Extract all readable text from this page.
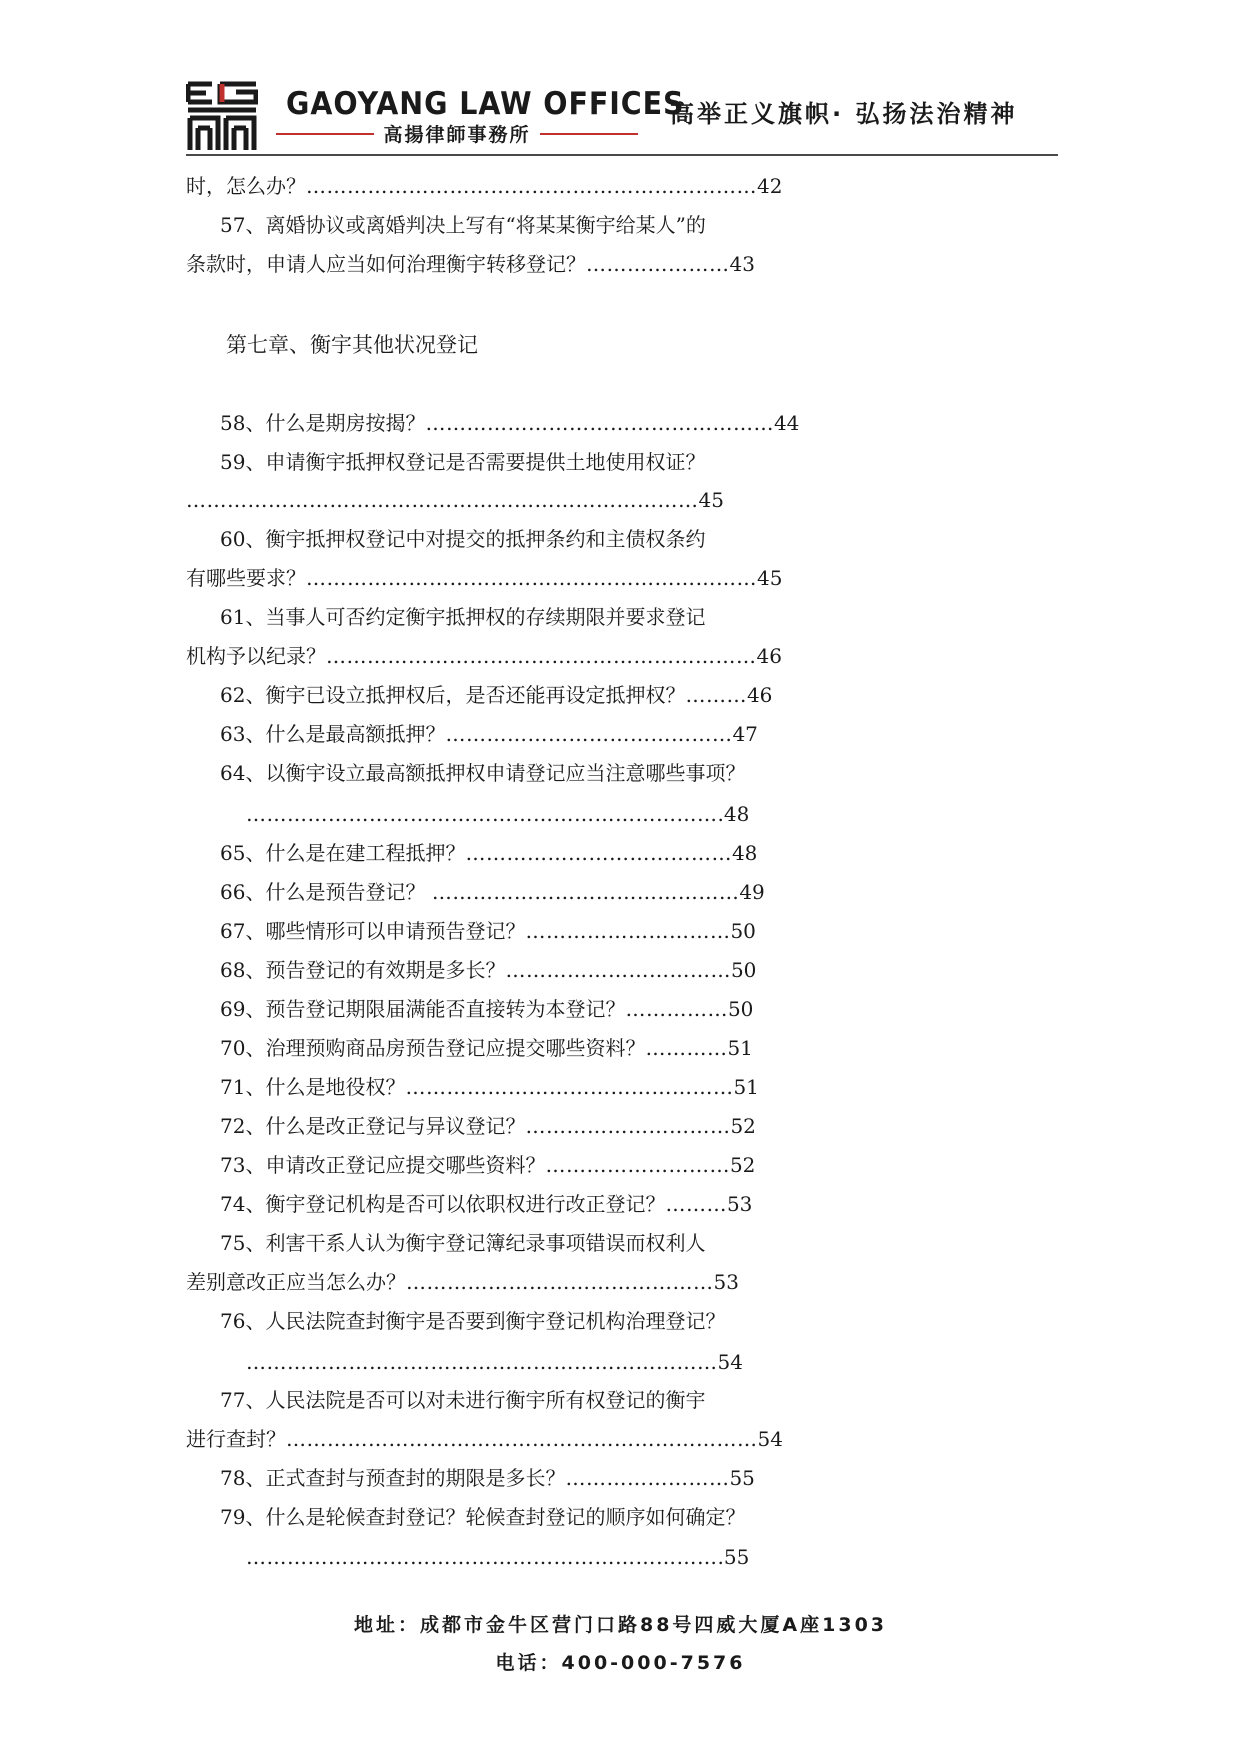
GAOYANG LAW OFFICES
高揚律師事務所
高举正义旗帜· 弘扬法治精神
第七章、衡宇其他状况登记
时，怎么办？…………………………………………………………42
57、离婚协议或离婚判决上写有“将某某衡宇给某人”的
条款时，申请人应当如何治理衡宇转移登记？…………………43
58、什么是期房按揭？……………………………………………44
59、申请衡宇抵押权登记是否需要提供土地使用权证？
…………………………………………………………………45
60、衡宇抵押权登记中对提交的抵押条约和主债权条约
有哪些要求？…………………………………………………………45
61、当事人可否约定衡宇抵押权的存续期限并要求登记
机构予以纪录？………………………………………………………46
62、衡宇已设立抵押权后，是否还能再设定抵押权？………46
63、什么是最高额抵押？……………………………………47
64、以衡宇设立最高额抵押权申请登记应当注意哪些事项？
…………………………………………………………….48
65、什么是在建工程抵押？…………………………………48
66、什么是预告登记？ ………………………………………49
67、哪些情形可以申请预告登记？…………………………50
68、预告登记的有效期是多长？……………………………50
69、预告登记期限届满能否直接转为本登记？……………50
70、治理预购商品房预告登记应提交哪些资料？…………51
71、什么是地役权？…………………………………………51
72、什么是改正登记与异议登记？…………………………52
73、申请改正登记应提交哪些资料？………………………52
74、衡宇登记机构是否可以依职权进行改正登记？………53
75、利害干系人认为衡宇登记簿纪录事项错误而权利人
差别意改正应当怎么办？………………………………………53
76、人民法院查封衡宇是否要到衡宇登记机构治理登记？
……………………………………………………………54
77、人民法院是否可以对未进行衡宇所有权登记的衡宇
进行查封？……………………………………………………………54
78、正式查封与预查封的期限是多长？……………………55
79、什么是轮候查封登记？轮候查封登记的顺序如何确定？
…………………………………………………………….55
地址：成都市金牛区营门口路88号四威大厦A座1303
电话：400-000-7576
